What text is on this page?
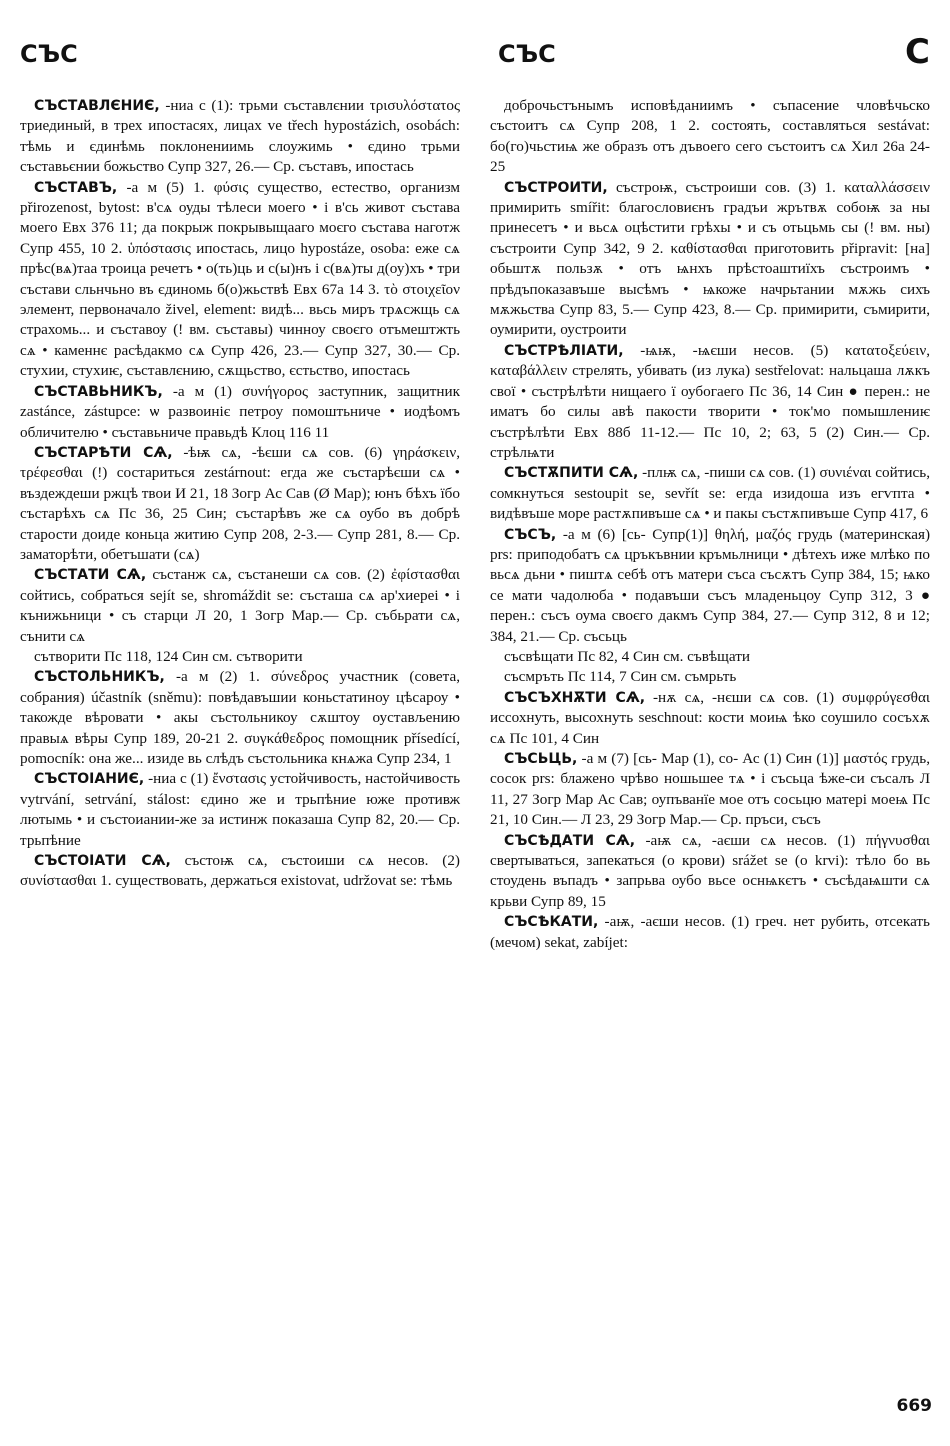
СЪС	СЪС	С

СЪСТАВЛЄНИЄ, -ниа с (1): трьми съставлєнии τρισυλόστατος триединый, в трех ипостасях, лицах ve třech hypostázich, osobách: тѣмь и єдинѣмь поклонениимь слоужимь • єдино трьми съставьєнии божьство Супр 327, 26.— Ср. съставъ, ипостась

СЪСТАВЪ, -а м (5) 1. φύσις существо, естество, организм přirozenost, bytost: в'сѧ оуды тѣлеси моего • і в'сь живот състава моего Евх 376 11; да покрыж покрывыщааго моєго състава наготж Супр 455, 10 2. ὑπόστασις ипостась, лицо hypostáze, osoba: еже сѧ прѣс(вѧ)таа троица речетъ • о(ть)ць и с(ы)нъ і с(вѧ)ты д(оу)хъ • три състави сльнчьно въ єдиномь б(о)жьствѣ Евх 67а 14 3. τὸ στοιχεῖον элемент, первоначало živel, element: видѣ... вьсь миръ трѧсжщь сѧ страхомь... и съставоу (! вм. съставы) чинноу своєго отъмештжть сѧ • каменнє расѣдакмо сѧ Супр 426, 23.— Супр 327, 30.— Ср. стухии, стухиѥ, съставлєнию, сѫщьство, єстьство, ипостась

СЪСТАВЬНИКЪ, -а м (1) συνήγορος заступник, защитник zastánce, zástupce: ѡ развоиніє петроу помоштьниче • иодѣомъ обличителю • съставьниче правьдѣ Клоц 116 11

СЪСТАРѢТИ СѦ, -ѣѭ сѧ, -ѣєши сѧ сов. (6) γηράσκειν, τρέφεσθαι (!) состариться zestárnout: егда же състарѣєши сѧ • въздеждеши ржцѣ твои И 21, 18 Зогр Ас Сав (Ø Мар); юнъ бѣхъ їбо състарѣхъ сѧ Пс 36, 25 Син; състарѣвъ же сѧ оубо въ добрѣ старости доиде коньца житию Супр 208, 2-3.— Супр 281, 8.— Ср. заматорѣти, обетъшати (сѧ)

СЪСТАТИ СѦ, състанж сѧ, състанеши сѧ сов. (2) ἐφίστασθαι сойтись, собраться sejít se, shromáždit se: състаша сѧ ар'хиереі • і кънижьници • съ старци Л 20, 1 Зогр Мар.— Ср. събьрати сѧ, сънити сѧ

сътворити Пс 118, 124 Син см. сътворити

СЪСТОЛЬНИКЪ, -а м (2) 1. σύνεδρος участник (совета, собрания) účastník (sněmu): повѣдавъшии коньстатиноу цѣсароу • такожде вѣровати • акы състольникоу сѫштоу оустављению правыѧ вѣры Супр 189, 20-21 2. συγκάθεδρος помощник přísedící, pomocník: она же... изиде вь слѣдъ състольника кнѧжа Супр 234, 1

СЪСТОІАНИЄ, -ниа с (1) ἔνστασις устойчивость, настойчивость vytrvání, setrvání, stálost: єдино же и трьпѣние юже противж лютымь • и състоиании-же за истинж показаша Супр 82, 20.— Ср. трьпѣние

СЪСТОІАТИ СѦ, състоѭ сѧ, състоиши сѧ несов. (2) συνίστασθαι 1. существовать, держаться existovat, udržovat se: тѣмь

доброчьстънымъ исповѣданиимъ • съпасение чловѣчьско състоитъ сѧ Супр 208, 1 2. состоять, составляться sestávat: бо(го)чьстиѩ же образъ отъ дъвоего сего състоитъ сѧ Хил 26а 24-25

СЪСТРОИТИ, състроѭ, състроиши сов. (3) 1. καταλλάσσειν примирить smířit: благословиєнъ градъи жрътвѫ собоѭ за ны принесетъ • и вьсѧ оцѣстити грѣхы • и съ отьцьмь сы (! вм. ны) състроити Супр 342, 9 2. καθίστασθαι приготовить připravit: [на] обьштѫ пользѫ • отъ ѩнхъ прѣстоаштиїхъ състроимъ • прѣдъпоказавъше высѣмъ • ѩкоже начрьтании мѫжь сихъ мѫжьства Супр 83, 5.— Супр 423, 8.— Ср. примирити, съмирити, оумирити, оустроити

СЪСТРѢЛІАТИ, -ѩѭ, -ѩєши несов. (5) κατατοξεύειν, καταβάλλειν стрелять, убивать (из лука) sestřelovat: нальцаша лѫкъ свої • състрѣлѣти нищаего ї оубогаего Пс 36, 14 Син ● перен.: не иматъ бо силы авѣ пакости творити • ток'мо помышлениѥ състрѣлѣти Евх 88б 11-12.— Пс 10, 2; 63, 5 (2) Син.— Ср. стрѣлѩти

СЪСТѪПИТИ СѦ, -плѭ сѧ, -пиши сѧ сов. (1) συνιέναι сойтись, сомкнуться sestoupit se, sevřít se: егда изидоша изъ егѵпта • видѣвъше море растѫпивъше сѧ • и пакы състѫпивъше Супр 417, 6

СЪСЪ, -а м (6) [сь- Супр(1)] θηλή, μαζός грудь (материнская) prs: приподобатъ сѧ цръкъвнии кръмьлници • дѣтехъ иже млѣко по вьсѧ дьни • пиштѧ себѣ отъ матери съса съсѫтъ Супр 384, 15; ѩко се мати чадолюба • подавъши съсъ младеньцоу Супр 312, 3 ● перен.: съсъ оума своєго дакмъ Супр 384, 27.— Супр 312, 8 и 12; 384, 21.— Ср. съсьць

съсвѣщати Пс 82, 4 Син см. съвѣщати

съсмръть Пс 114, 7 Син см. съмрьть

СЪСЪХНѪТИ СѦ, -нѫ сѧ, -нєши сѧ сов. (1) συμφρύγεσθαι иссохнуть, высохнуть seschnout: кости моиѩ ѣко соушило сосъхѫ сѧ Пс 101, 4 Син

СЪСЬЦЬ, -а м (7) [сь- Мар (1), со- Ас (1) Син (1)] μαστός грудь, сосок prs: блажено чрѣво ношьшее тѧ • і съсьца ѣже-си съсалъ Л 11, 27 Зогр Мар Ас Сав; оупъванїе мое отъ сосьцю матері моеѩ Пс 21, 10 Син.— Л 23, 29 Зогр Мар.— Ср. пръси, съсъ

СЪСѢДАТИ СѦ, -аѭ сѧ, -аєши сѧ несов. (1) πήγνυσθαι свертываться, запекаться (о крови) srážet se (o krvi): тѣло бо вь стоудень въпадъ • запрьва оубо вьсе оснѩкєтъ • съсѣдаѩшти сѧ крьви Супр 89, 15

СЪСѢКАТИ, -аѭ, -аєши несов. (1) греч. нет рубить, отсекать (мечом) sekat, zabíjet:

669
